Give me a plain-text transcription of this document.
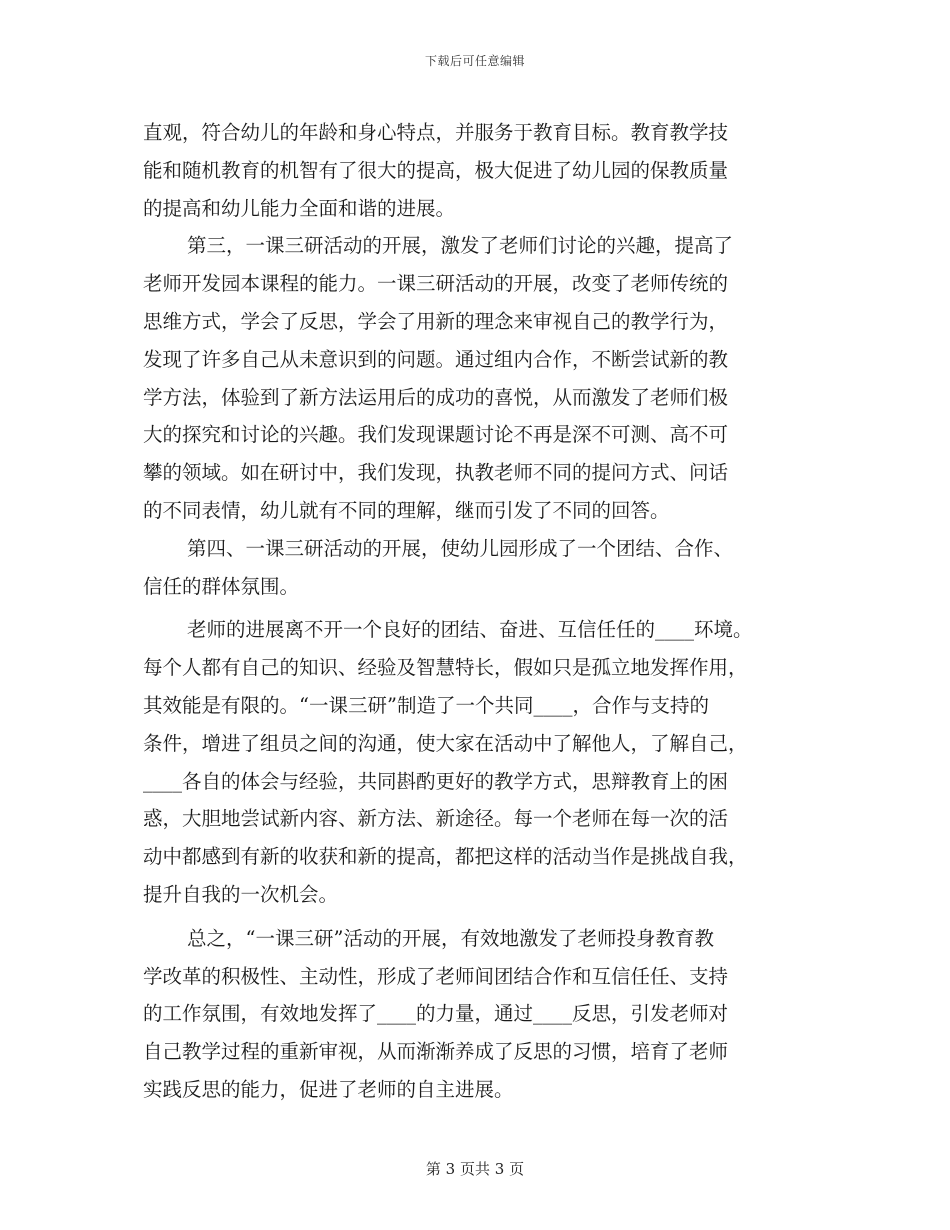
下载后可任意编辑
直观，符合幼儿的年龄和身心特点，并服务于教育目标。教育教学技
能和随机教育的机智有了很大的提高，极大促进了幼儿园的保教质量
的提高和幼儿能力全面和谐的进展。
第三，一课三研活动的开展，激发了老师们讨论的兴趣，提高了
老师开发园本课程的能力。一课三研活动的开展，改变了老师传统的
思维方式，学会了反思，学会了用新的理念来审视自己的教学行为，
发现了许多自己从未意识到的问题。通过组内合作，不断尝试新的教
学方法，体验到了新方法运用后的成功的喜悦，从而激发了老师们极
大的探究和讨论的兴趣。我们发现课题讨论不再是深不可测、高不可
攀的领域。如在研讨中，我们发现，执教老师不同的提问方式、问话
的不同表情，幼儿就有不同的理解，继而引发了不同的回答。
第四、一课三研活动的开展，使幼儿园形成了一个团结、合作、
信任的群体氛围。
老师的进展离不开一个良好的团结、奋进、互信任任的____环境。
每个人都有自己的知识、经验及智慧特长，假如只是孤立地发挥作用，
其效能是有限的。“一课三研”制造了一个共同____，合作与支持的
条件，增进了组员之间的沟通，使大家在活动中了解他人，了解自己，
____各自的体会与经验，共同斟酌更好的教学方式，思辩教育上的困
惑，大胆地尝试新内容、新方法、新途径。每一个老师在每一次的活
动中都感到有新的收获和新的提高，都把这样的活动当作是挑战自我，
提升自我的一次机会。
总之，“一课三研”活动的开展，有效地激发了老师投身教育教
学改革的积极性、主动性，形成了老师间团结合作和互信任任、支持
的工作氛围，有效地发挥了____的力量，通过____反思，引发老师对
自己教学过程的重新审视，从而渐渐养成了反思的习惯，培育了老师
实践反思的能力，促进了老师的自主进展。
第 3 页共 3 页
